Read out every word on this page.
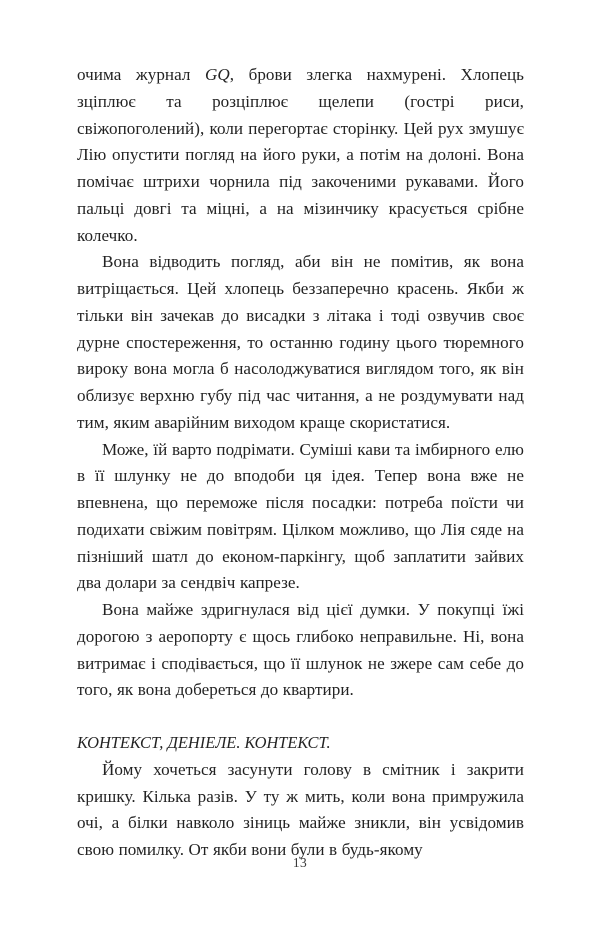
очима журнал GQ, брови злегка нахмурені. Хлопець зціплює та розціплює щелепи (гострі риси, свіжопоголений), коли перегортає сторінку. Цей рух змушує Лію опустити погляд на його руки, а потім на долоні. Вона помічає штрихи чорнила під закоченими рукавами. Його пальці довгі та міцні, а на мізинчику красується срібне колечко.

Вона відводить погляд, аби він не помітив, як вона витріщається. Цей хлопець беззаперечно красень. Якби ж тільки він зачекав до висадки з літака і тоді озвучив своє дурне спостереження, то останню годину цього тюремного вироку вона могла б насолоджуватися виглядом того, як він облизує верхню губу під час читання, а не роздумувати над тим, яким аварійним виходом краще скористатися.

Може, їй варто подрімати. Суміші кави та імбирного елю в її шлунку не до вподоби ця ідея. Тепер вона вже не впевнена, що переможе після посадки: потреба поїсти чи подихати свіжим повітрям. Цілком можливо, що Лія сяде на пізніший шатл до економ-паркінгу, щоб заплатити зайвих два долари за сендвіч капрезе.

Вона майже здригнулася від цієї думки. У покупці їжі дорогою з аеропорту є щось глибоко неправильне. Ні, вона витримає і сподівається, що її шлунок не зжере сам себе до того, як вона добереться до квартири.

КОНТЕКСТ, ДЕНІЕЛЕ. КОНТЕКСТ.

Йому хочеться засунути голову в смітник і закрити кришку. Кілька разів. У ту ж мить, коли вона примружила очі, а білки навколо зіниць майже зникли, він усвідомив свою помилку. От якби вони були в будь-якому

13
